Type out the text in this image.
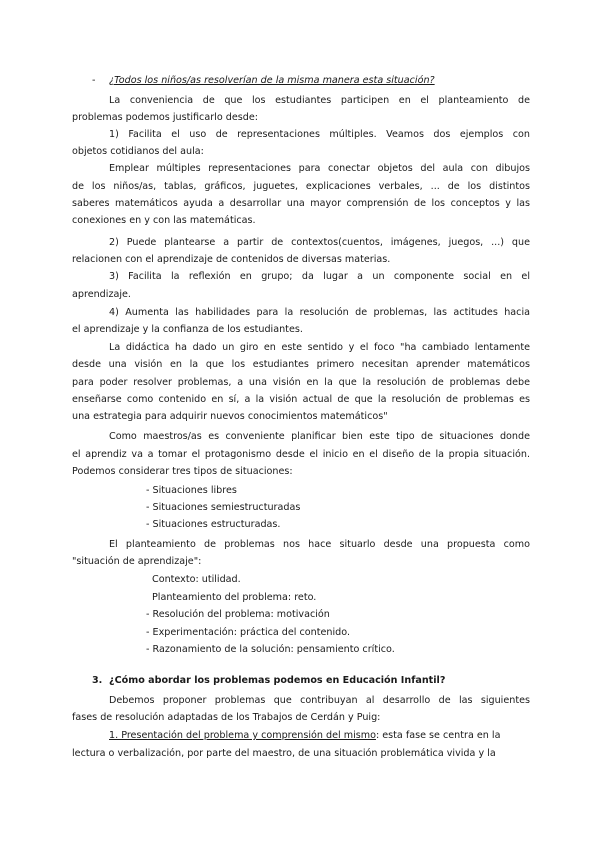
- ¿Todos los niños/as resolverían de la misma manera esta situación?
La conveniencia de que los estudiantes participen en el planteamiento de
problemas podemos justificarlo desde:
1) Facilita el uso de representaciones múltiples. Veamos dos ejemplos con
objetos cotidianos del aula:
Emplear múltiples representaciones para conectar objetos del aula con dibujos
de los niños/as, tablas, gráficos, juguetes, explicaciones verbales, ... de los distintos
saberes matemáticos ayuda a desarrollar una mayor comprensión de los conceptos y las
conexiones en y con las matemáticas.
2) Puede plantearse a partir de contextos(cuentos, imágenes, juegos, ...) que
relacionen con el aprendizaje de contenidos de diversas materias.
3) Facilita la reflexión en grupo; da lugar a un componente social en el
aprendizaje.
4) Aumenta las habilidades para la resolución de problemas, las actitudes hacia
el aprendizaje y la confianza de los estudiantes.
La didáctica ha dado un giro en este sentido y el foco "ha cambiado lentamente
desde una visión en la que los estudiantes primero necesitan aprender matemáticos
para poder resolver problemas, a una visión en la que la resolución de problemas debe
enseñarse como contenido en sí, a la visión actual de que la resolución de problemas es
una estrategia para adquirir nuevos conocimientos matemáticos"
Como maestros/as es conveniente planificar bien este tipo de situaciones donde
el aprendiz va a tomar el protagonismo desde el inicio en el diseño de la propia situación.
Podemos considerar tres tipos de situaciones:
- Situaciones libres
- Situaciones semiestructuradas
- Situaciones estructuradas.
El planteamiento de problemas nos hace situarlo desde una propuesta como
"situación de aprendizaje":
Contexto: utilidad.
Planteamiento del problema: reto.
- Resolución del problema: motivación
- Experimentación: práctica del contenido.
- Razonamiento de la solución: pensamiento crítico.
3. ¿Cómo abordar los problemas podemos en Educación Infantil?
Debemos proponer problemas que contribuyan al desarrollo de las siguientes
fases de resolución adaptadas de los Trabajos de Cerdán y Puig:
1. Presentación del problema y comprensión del mismo: esta fase se centra en la
lectura o verbalización, por parte del maestro, de una situación problemática vivida y la
